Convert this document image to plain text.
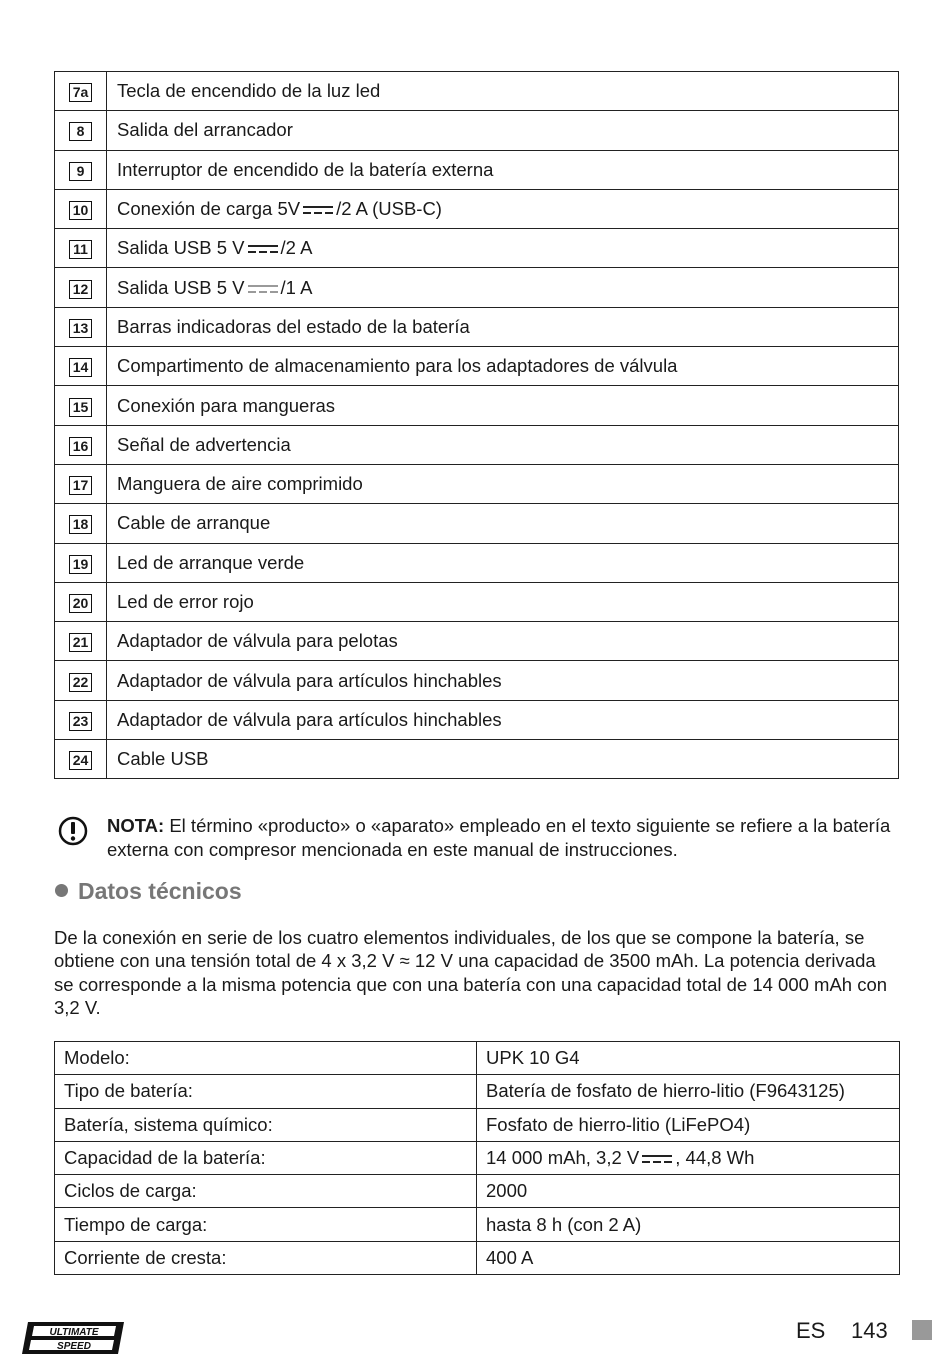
7a	Tecla de encendido de la luz led
8	Salida del arrancador
9	Interruptor de encendido de la batería externa
10	Conexión de carga 5V /2 A (USB-C)
11	Salida USB 5 V /2 A
12	Salida USB 5 V /1 A
13	Barras indicadoras del estado de la batería
14	Compartimento de almacenamiento para los adaptadores de válvula
15	Conexión para mangueras
16	Señal de advertencia
17	Manguera de aire comprimido
18	Cable de arranque
19	Led de arranque verde
20	Led de error rojo
21	Adaptador de válvula para pelotas
22	Adaptador de válvula para artículos hinchables
23	Adaptador de válvula para artículos hinchables
24	Cable USB
NOTA: El término «producto» o «aparato» empleado en el texto siguiente se refiere a la batería externa con compresor mencionada en este manual de instrucciones.
Datos técnicos
De la conexión en serie de los cuatro elementos individuales, de los que se compone la batería, se obtiene con una tensión total de 4 x 3,2 V ≈ 12 V una capacidad de 3500 mAh. La potencia derivada se corresponde a la misma potencia que con una batería con una capacidad total de 14 000 mAh con 3,2 V.
Modelo:	UPK 10 G4
Tipo de batería:	Batería de fosfato de hierro-litio (F9643125)
Batería, sistema químico:	Fosfato de hierro-litio (LiFePO4)
Capacidad de la batería:	14 000 mAh, 3,2 V , 44,8 Wh
Ciclos de carga:	2000
Tiempo de carga:	hasta 8 h (con 2 A)
Corriente de cresta:	400 A
ULTIMATE
SPEED
ES 143
